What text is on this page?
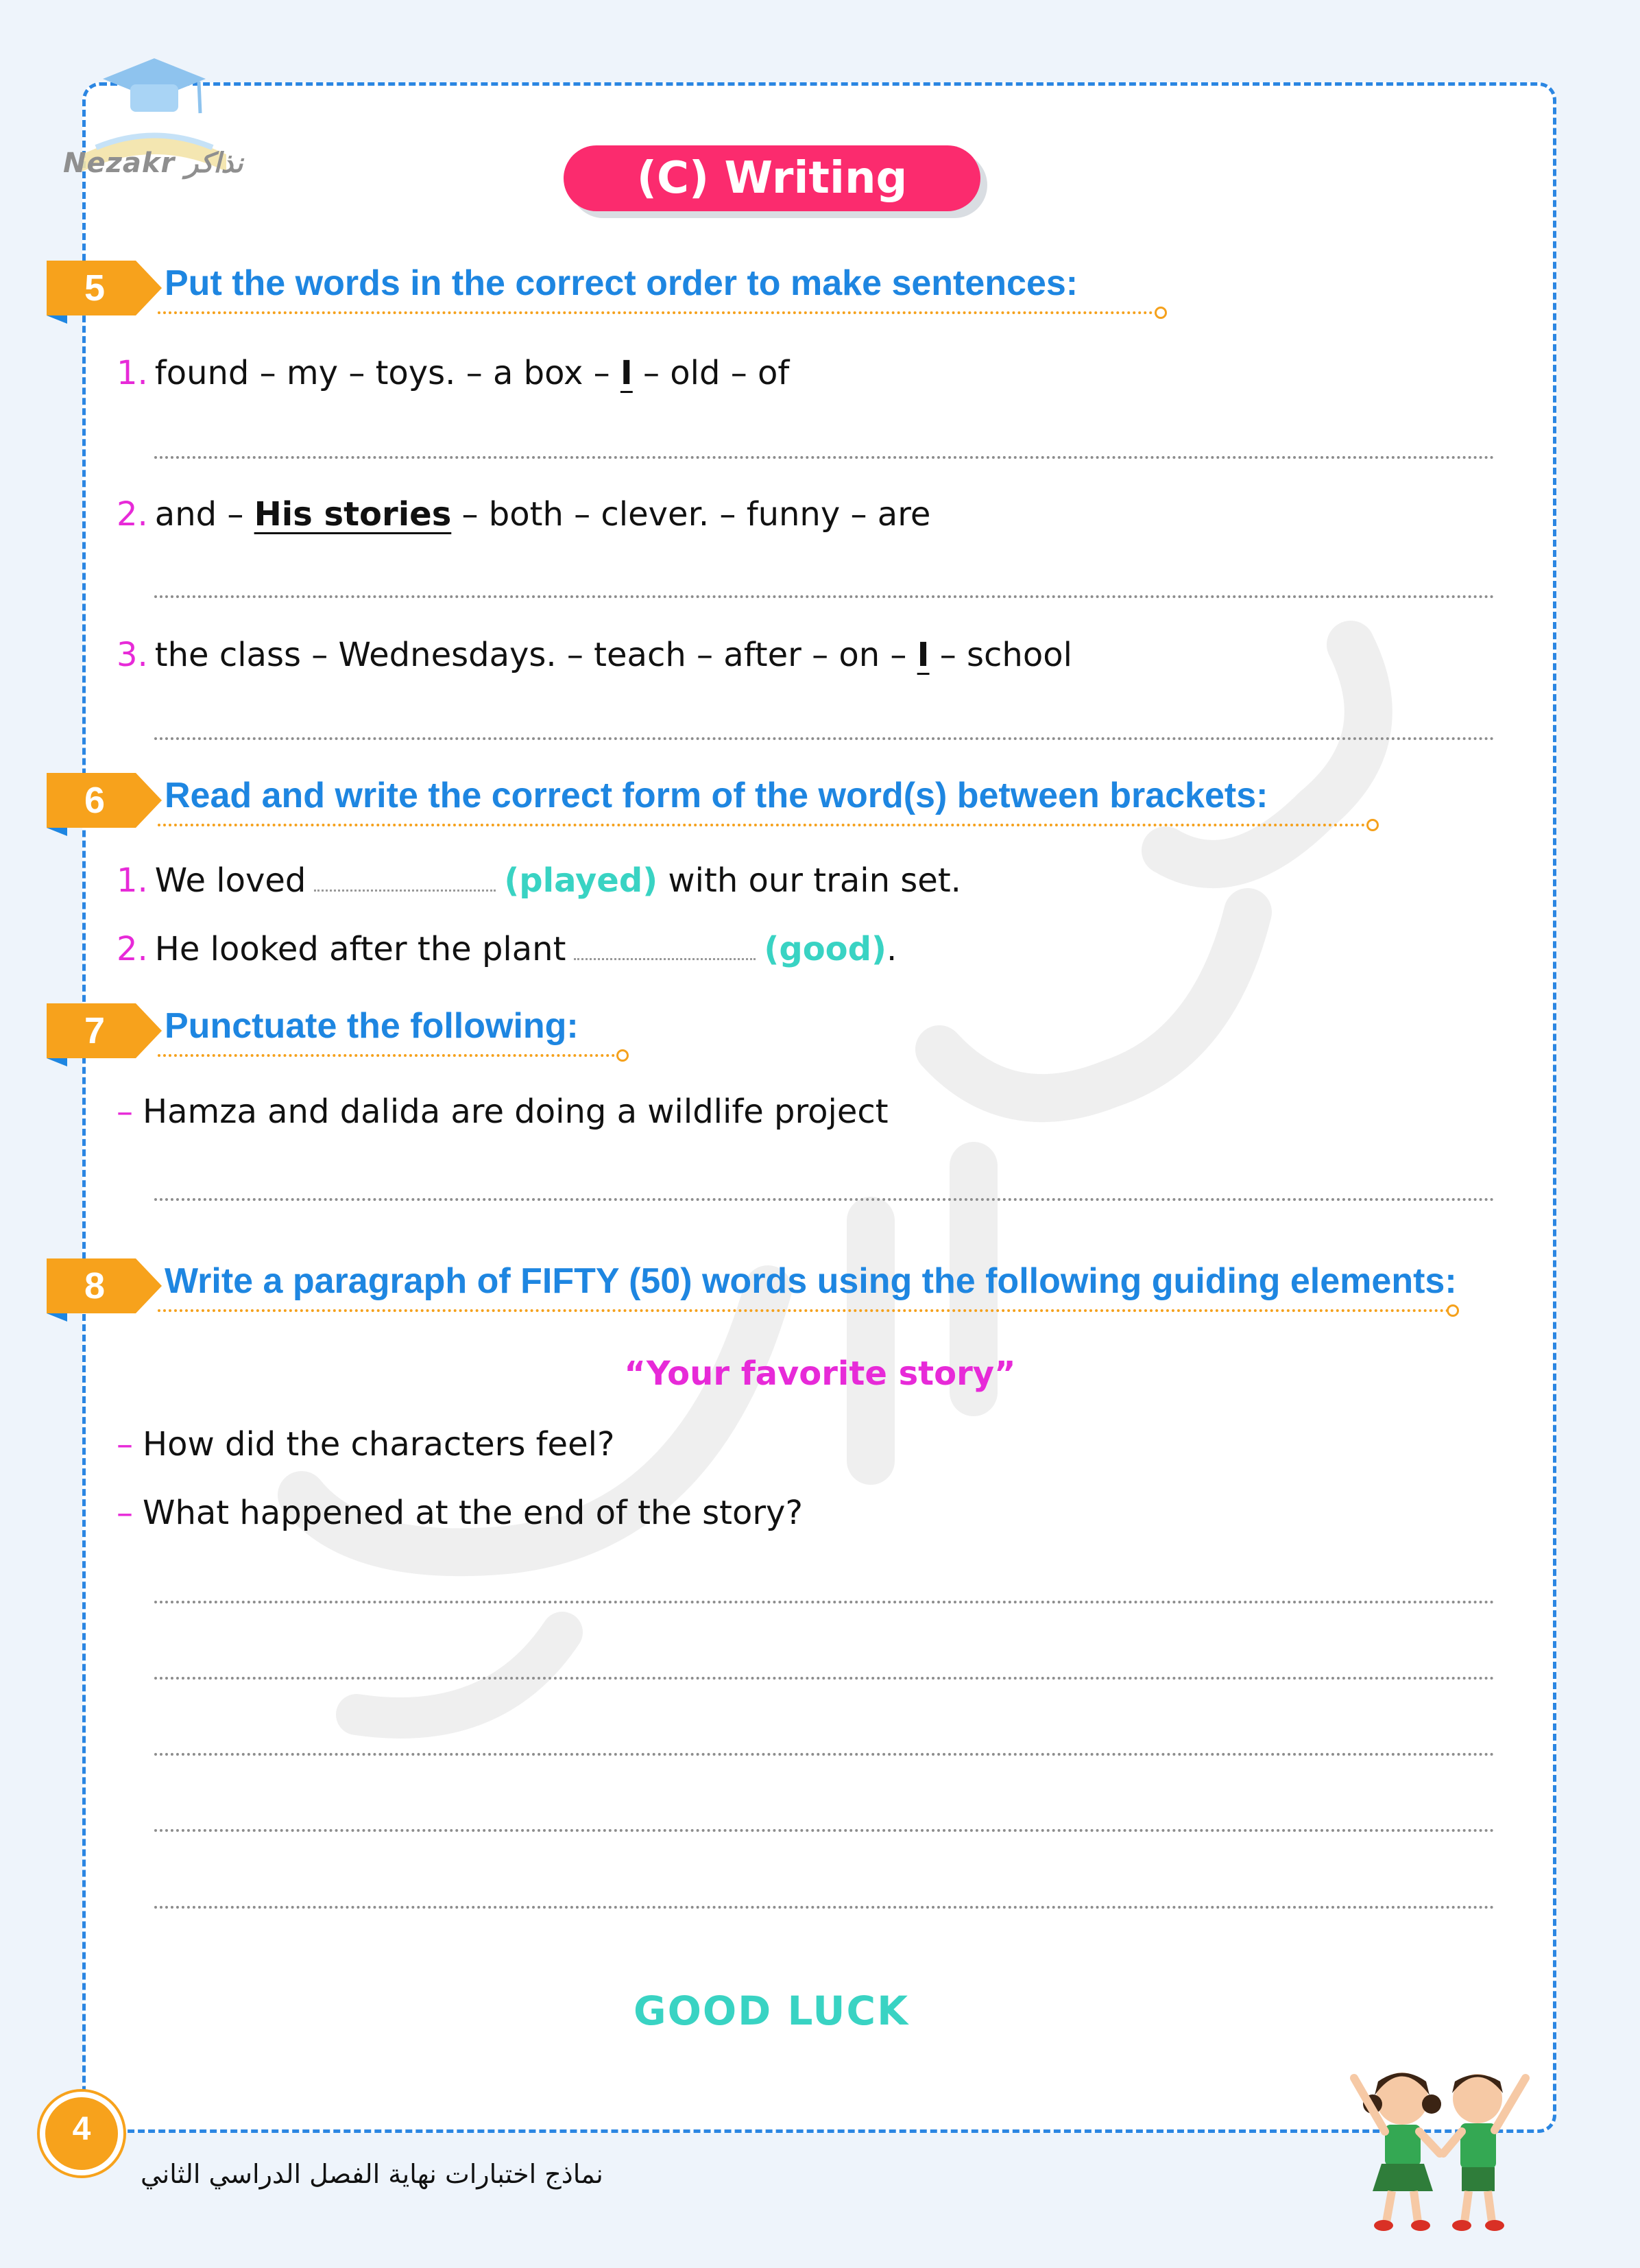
Nezakr نذاكر	(C) Writing
5	Put the words in the correct order to make sentences:
1. found – my – toys. – a box – I – old – of
2. and – His stories – both – clever. – funny – are
3. the class – Wednesdays. – teach – after – on – I – school
6	Read and write the correct form of the word(s) between brackets:
1. We loved	(played) with our train set.
2. He looked after the plant	(good).
7	Punctuate the following:
– Hamza and dalida are doing a wildlife project
8	Write a paragraph of FIFTY (50) words using the following guiding elements:
“Your favorite story”
– How did the characters feel?
– What happened at the end of the story?
GOOD LUCK
4
نماذج اختبارات نهاية الفصل الدراسي الثاني
